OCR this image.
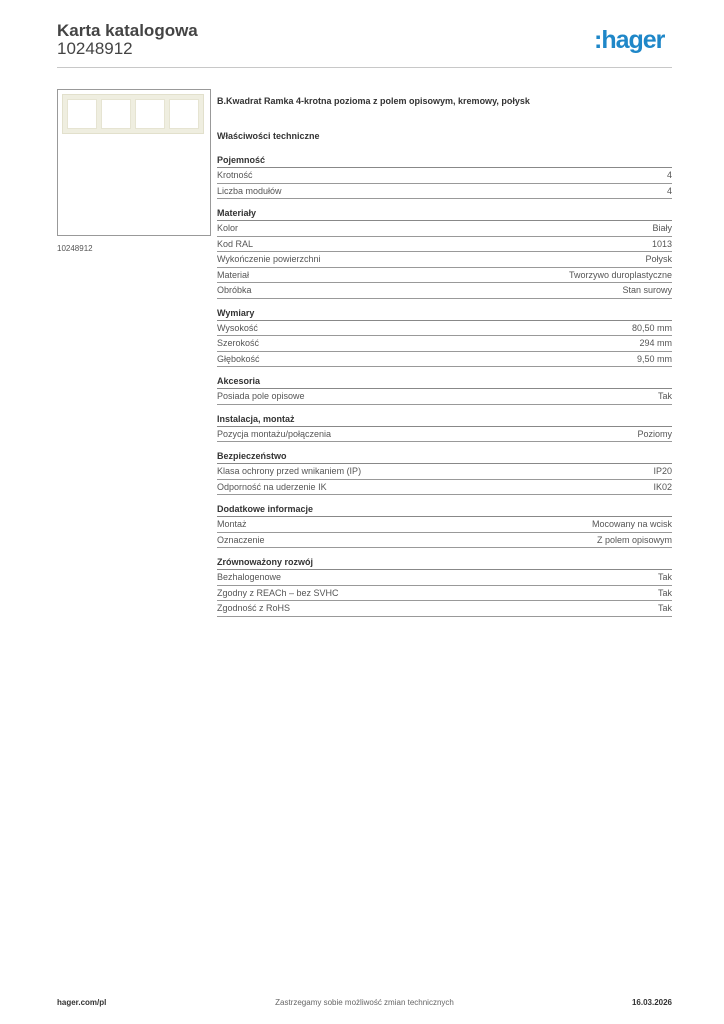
Karta katalogowa
10248912	:hager
10248912
B.Kwadrat Ramka 4-krotna pozioma z polem opisowym, kremowy, połysk
Właściwości techniczne
Pojemność
Krotność	4
Liczba modułów	4
Materiały
Kolor	Biały
Kod RAL	1013
Wykończenie powierzchni	Połysk
Materiał	Tworzywo duroplastyczne
Obróbka	Stan surowy
Wymiary
Wysokość	80,50 mm
Szerokość	294 mm
Głębokość	9,50 mm
Akcesoria
Posiada pole opisowe	Tak
Instalacja, montaż
Pozycja montażu/połączenia	Poziomy
Bezpieczeństwo
Klasa ochrony przed wnikaniem (IP)	IP20
Odporność na uderzenie IK	IK02
Dodatkowe informacje
Montaż	Mocowany na wcisk
Oznaczenie	Z polem opisowym
Zrównoważony rozwój
Bezhalogenowe	Tak
Zgodny z REACh – bez SVHC	Tak
Zgodność z RoHS	Tak
Zastrzegamy sobie możliwość zmian technicznych
hager.com/pl	16.03.2026
